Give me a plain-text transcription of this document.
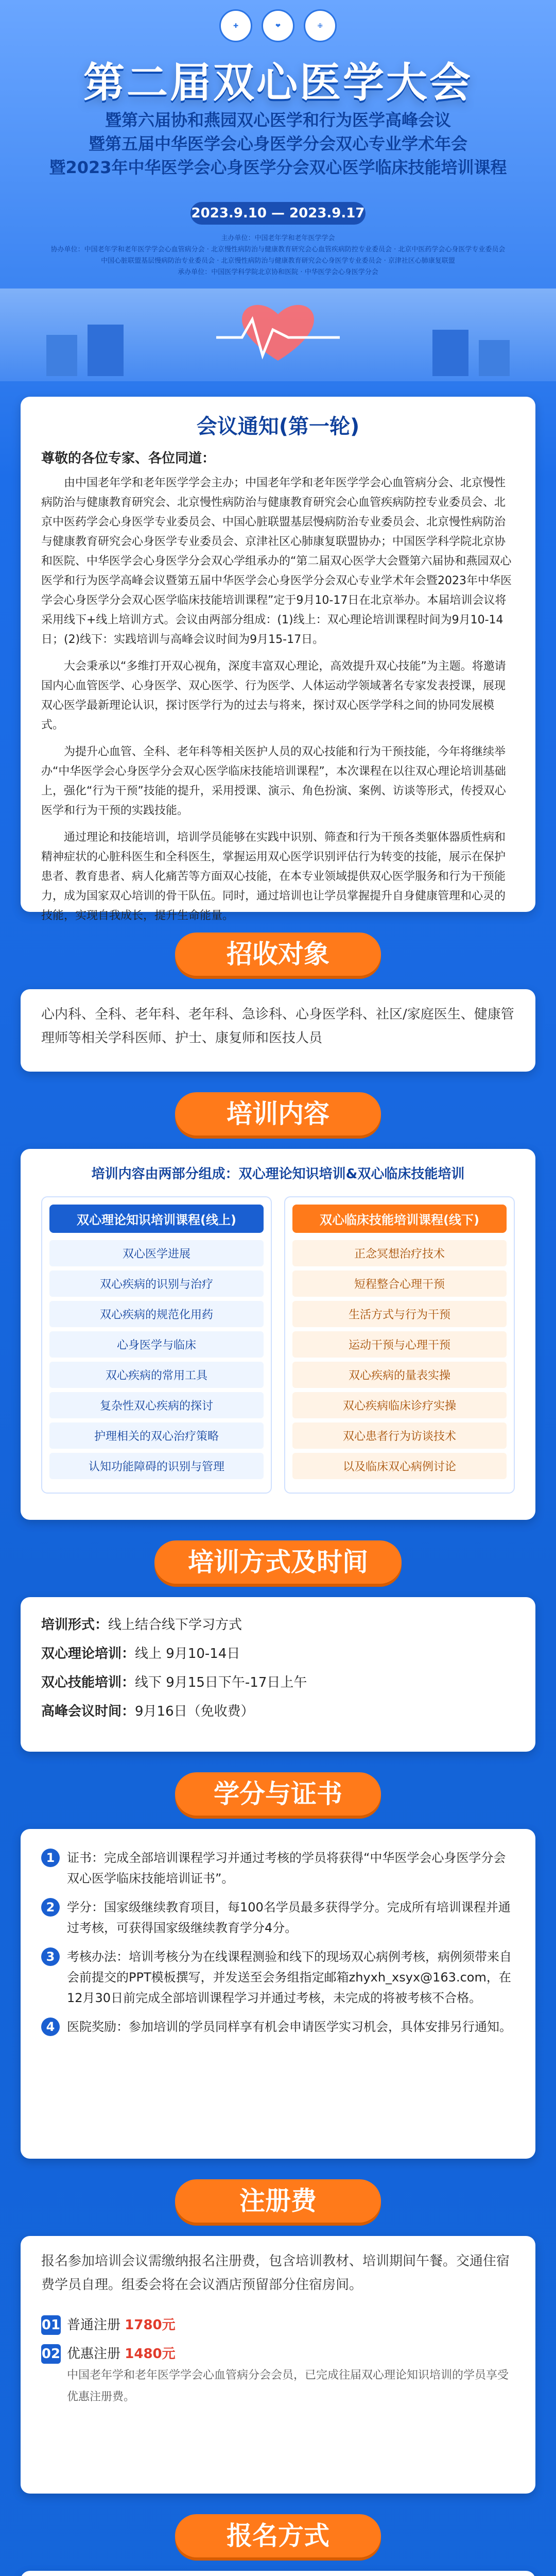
✚	❤	✙
第二届双心医学大会
暨第六届协和燕园双心医学和行为医学高峰会议
暨第五届中华医学会心身医学分会双心专业学术年会
暨2023年中华医学会心身医学分会双心医学临床技能培训课程
2023.9.10 — 2023.9.17
主办单位：中国老年学和老年医学学会
协办单位：中国老年学和老年医学学会心血管病分会 · 北京慢性病防治与健康教育研究会心血管疾病防控专业委员会 · 北京中医药学会心身医学专业委员会
中国心脏联盟基层慢病防治专业委员会 · 北京慢性病防治与健康教育研究会心身医学专业委员会 · 京津社区心肺康复联盟
承办单位：中国医学科学院北京协和医院 · 中华医学会心身医学分会
会议通知(第一轮)
尊敬的各位专家、各位同道：

由中国老年学和老年医学学会主办；中国老年学和老年医学学会心血管病分会、北京慢性病防治与健康教育研究会、北京慢性病防治与健康教育研究会心血管疾病防控专业委员会、北京中医药学会心身医学专业委员会、中国心脏联盟基层慢病防治专业委员会、北京慢性病防治与健康教育研究会心身医学专业委员会、京津社区心肺康复联盟协办；中国医学科学院北京协和医院、中华医学会心身医学分会双心学组承办的“第二届双心医学大会暨第六届协和燕园双心医学和行为医学高峰会议暨第五届中华医学会心身医学分会双心专业学术年会暨2023年中华医学会心身医学分会双心医学临床技能培训课程”定于9月10-17日在北京举办。本届培训会议将采用线下+线上培训方式。会议由两部分组成：(1)线上：双心理论培训课程时间为9月10-14日；(2)线下：实践培训与高峰会议时间为9月15-17日。

大会秉承以“多维打开双心视角，深度丰富双心理论，高效提升双心技能”为主题。将邀请国内心血管医学、心身医学、双心医学、行为医学、人体运动学领域著名专家发表授课，展现双心医学最新理论认识，探讨医学行为的过去与将来，探讨双心医学学科之间的协同发展模式。

为提升心血管、全科、老年科等相关医护人员的双心技能和行为干预技能，今年将继续举办“中华医学会心身医学分会双心医学临床技能培训课程”，本次课程在以往双心理论培训基础上，强化“行为干预”技能的提升，采用授课、演示、角色扮演、案例、访谈等形式，传授双心医学和行为干预的实践技能。

通过理论和技能培训，培训学员能够在实践中识别、筛查和行为干预各类躯体器质性病和精神症状的心脏科医生和全科医生，掌握运用双心医学识别评估行为转变的技能，展示在保护患者、教育患者、病人化痛苦等方面双心技能，在本专业领域提供双心医学服务和行为干预能力，成为国家双心培训的骨干队伍。同时，通过培训也让学员掌握提升自身健康管理和心灵的技能，实现自我成长，提升生命能量。

招收对象
心内科、全科、老年科、老年科、急诊科、心身医学科、社区/家庭医生、健康管理师等相关学科医师、护士、康复师和医技人员
培训内容
培训内容由两部分组成：双心理论知识培训&双心临床技能培训
双心理论知识培训课程(线上)
双心医学进展
双心疾病的识别与治疗
双心疾病的规范化用药
心身医学与临床
双心疾病的常用工具
复杂性双心疾病的探讨
护理相关的双心治疗策略
认知功能障碍的识别与管理
双心临床技能培训课程(线下)
正念冥想治疗技术
短程整合心理干预
生活方式与行为干预
运动干预与心理干预
双心疾病的量表实操
双心疾病临床诊疗实操
双心患者行为访谈技术
以及临床双心病例讨论
培训方式及时间
培训形式：线上结合线下学习方式
双心理论培训：线上 9月10-14日
双心技能培训：线下 9月15日下午-17日上午
高峰会议时间：9月16日（免收费）
学分与证书
1 证书：完成全部培训课程学习并通过考核的学员将获得“中华医学会心身医学分会双心医学临床技能培训证书”。
2 学分：国家级继续教育项目，每100名学员最多获得学分。完成所有培训课程并通过考核，可获得国家级继续教育学分4分。
3 考核办法：培训考核分为在线课程测验和线下的现场双心病例考核，病例须带来自会前提交的PPT模板撰写，并发送至会务组指定邮箱zhyxh_xsyx@163.com，在12月30日前完成全部培训课程学习并通过考核，未完成的将被考核不合格。
4 医院奖励：参加培训的学员同样享有机会申请医学实习机会，具体安排另行通知。
注册费
报名参加培训会议需缴纳报名注册费，包含培训教材、培训期间午餐。交通住宿费学员自理。组委会将在会议酒店预留部分住宿房间。
01 普通注册 1780元
02 优惠注册 1480元
中国老年学和老年医学学会心血管病分会会员，已完成往届双心理论知识培训的学员享受优惠注册费。
报名方式
